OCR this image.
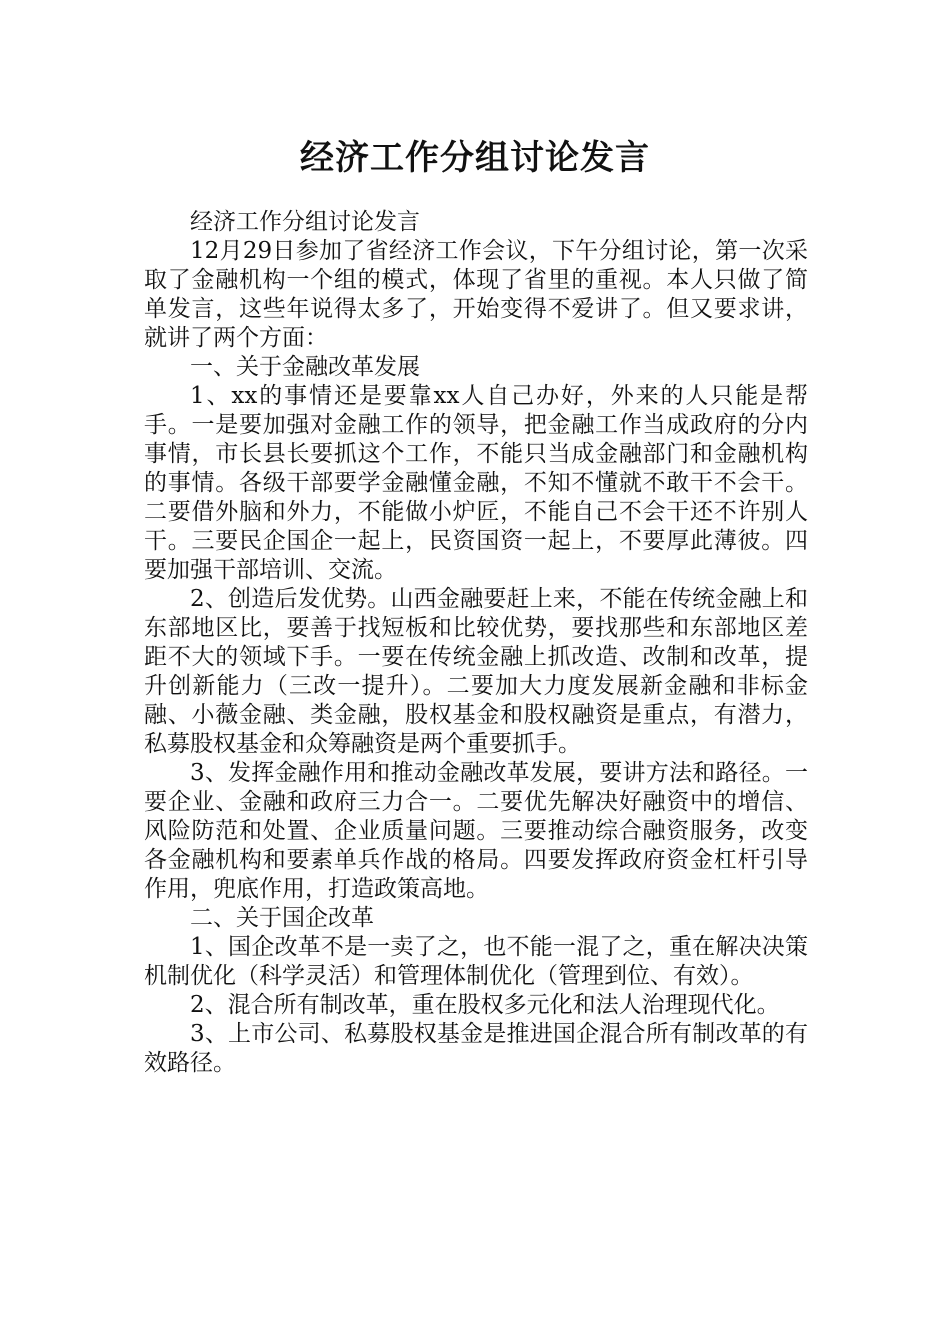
经济工作分组讨论发言

经济工作分组讨论发言

12月29日参加了省经济工作会议，下午分组讨论，第一次采取了金融机构一个组的模式，体现了省里的重视。本人只做了简单发言，这些年说得太多了，开始变得不爱讲了。但又要求讲，就讲了两个方面：

一、关于金融改革发展

1、xx的事情还是要靠xx人自己办好，外来的人只能是帮手。一是要加强对金融工作的领导，把金融工作当成政府的分内事情，市长县长要抓这个工作，不能只当成金融部门和金融机构的事情。各级干部要学金融懂金融，不知不懂就不敢干不会干。二要借外脑和外力，不能做小炉匠，不能自己不会干还不许别人干。三要民企国企一起上，民资国资一起上，不要厚此薄彼。四要加强干部培训、交流。

2、创造后发优势。山西金融要赶上来，不能在传统金融上和东部地区比，要善于找短板和比较优势，要找那些和东部地区差距不大的领域下手。一要在传统金融上抓改造、改制和改革，提升创新能力（三改一提升）。二要加大力度发展新金融和非标金融、小薇金融、类金融，股权基金和股权融资是重点，有潜力，私募股权基金和众筹融资是两个重要抓手。

3、发挥金融作用和推动金融改革发展，要讲方法和路径。一要企业、金融和政府三力合一。二要优先解决好融资中的增信、风险防范和处置、企业质量问题。三要推动综合融资服务，改变各金融机构和要素单兵作战的格局。四要发挥政府资金杠杆引导作用，兜底作用，打造政策高地。

二、关于国企改革

1、国企改革不是一卖了之，也不能一混了之，重在解决决策机制优化（科学灵活）和管理体制优化（管理到位、有效）。

2、混合所有制改革，重在股权多元化和法人治理现代化。

3、上市公司、私募股权基金是推进国企混合所有制改革的有效路径。
